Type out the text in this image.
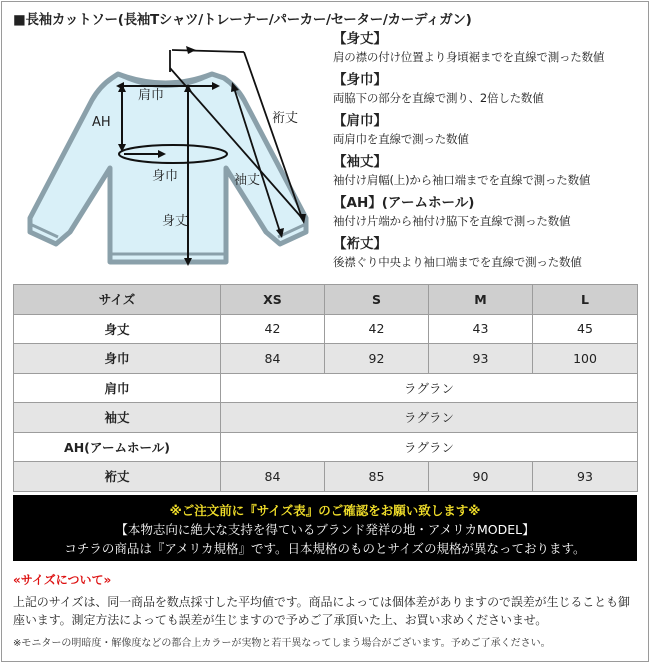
■長袖カットソー(長袖Tシャツ/トレーナー/パーカー/セーター/カーディガン)
肩巾
AH
身丈
身巾	袖丈
裄丈
【身丈】
肩の襟の付け位置より身頃裾までを直線で測った数値
【身巾】
両脇下の部分を直線で測り、2倍した数値
【肩巾】
両肩巾を直線で測った数値
【袖丈】
袖付け肩幅(上)から袖口端までを直線で測った数値
【AH】(アームホール)
袖付け片端から袖付け脇下を直線で測った数値
【裄丈】
後襟ぐり中央より袖口端までを直線で測った数値
サイズ	XS	S	M	L
身丈	42	42	43	45
身巾	84	92	93	100
肩巾	ラグラン			
袖丈	ラグラン			
AH(アームホール)	ラグラン			
裄丈	84	85	90	93
※ご注文前に『サイズ表』のご確認をお願い致します※
【本物志向に絶大な支持を得ているブランド発祥の地・アメリカMODEL】
コチラの商品は『アメリカ規格』です。日本規格のものとサイズの規格が異なっております。
«サイズについて»
上記のサイズは、同一商品を数点採寸した平均値です。商品によっては個体差がありますので誤差が生じることも御座います。測定方法によっても誤差が生じますので予めご了承頂いた上、お買い求めくださいませ。
※モニターの明暗度・解像度などの都合上カラーが実物と若干異なってしまう場合がございます。予めご了承ください。
